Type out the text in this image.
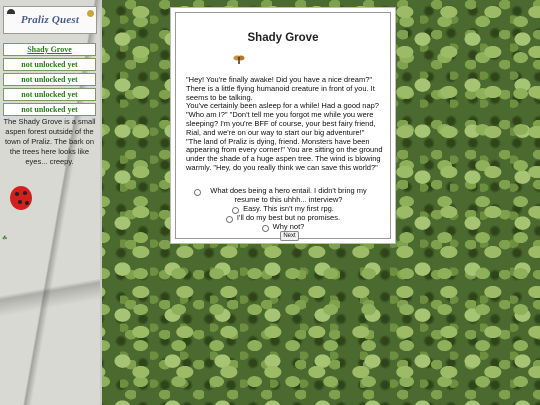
Praliz Quest
Shady Grove
not unlocked yet
not unlocked yet
not unlocked yet
not unlocked yet
The Shady Grove is a small aspen forest outside of the town of Praliz. The bark on the trees here looks like eyes... creepy.
☘
Shady Grove
"Hey! You're finally awake! Did you have a nice dream?" There is a little flying humanoid creature in front of you. It seems to be talking.
You've certainly been asleep for a while! Had a good nap? "Who am I?" "Don't tell me you forgot me while you were sleeping? I'm you're BFF of course, your best fairy friend, Rial, and we're on our way to start our big adventure!"
"The land of Praliz is dying, friend. Monsters have been appearing from every corner!" You are sitting on the ground under the shade of a huge aspen tree. The wind is blowing warmly. "Hey, do you really think we can save this world?"
What does being a hero entail. I didn't bring my resume to this uhhh... interview?
Easy. This isn't my first rpg.
I'll do my best but no promises.
Why not?
Next
